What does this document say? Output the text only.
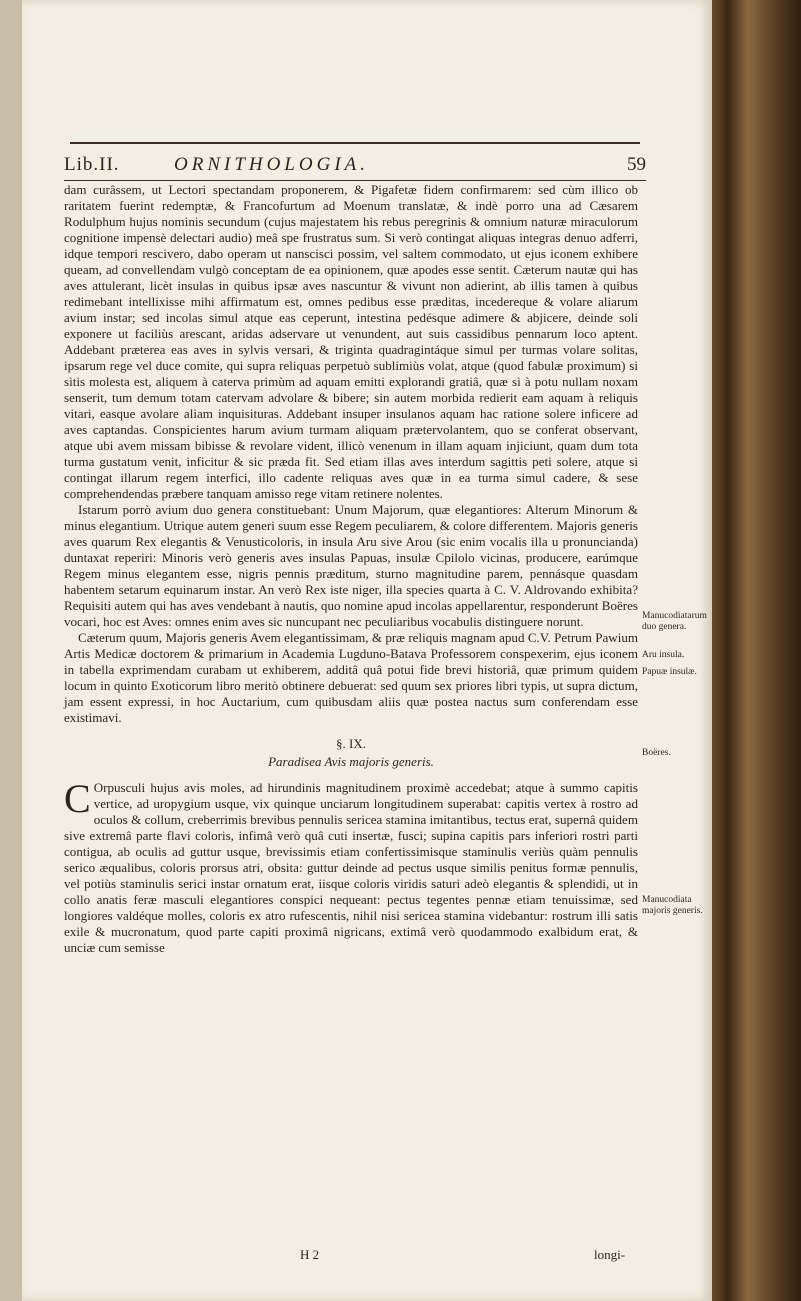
Lib.II.	ORNITHOLOGIA.	59

dam curâssem, ut Lectori spectandam proponerem, & Pigafetæ fidem confirmarem: sed cùm illico ob raritatem fuerint redemptæ, & Francofurtum ad Moenum translatæ, & indè porro una ad Cæsarem Rodulphum hujus nominis secundum (cujus majestatem his rebus peregrinis & omnium naturæ miraculorum cognitione impensè delectari audio) meâ spe frustratus sum. Si verò contingat aliquas integras denuo adferri, idque tempori rescivero, dabo operam ut nanscisci possim, vel saltem commodato, ut ejus iconem exhibere queam, ad convellendam vulgò conceptam de ea opinionem, quæ apodes esse sentit. Cæterum nautæ qui has aves attulerant, licèt insulas in quibus ipsæ aves nascuntur & vivunt non adierint, ab illis tamen à quibus redimebant intellixisse mihi affirmatum est, omnes pedibus esse præditas, incedereque & volare aliarum avium instar; sed incolas simul atque eas ceperunt, intestina pedésque adimere & abjicere, deinde soli exponere ut faciliùs arescant, aridas adservare ut venundent, aut suis cassidibus pennarum loco aptent. Addebant præterea eas aves in sylvis versari, & triginta quadragintáque simul per turmas volare solitas, ipsarum rege vel duce comite, qui supra reliquas perpetuò sublimiùs volat, atque (quod fabulæ proximum) si sitis molesta est, aliquem à caterva primùm ad aquam emitti explorandi gratiâ, quæ si à potu nullam noxam senserit, tum demum totam catervam advolare & bibere; sin autem morbida redierit eam aquam à reliquis vitari, easque avolare aliam inquisituras. Addebant insuper insulanos aquam hac ratione solere inficere ad aves captandas. Conspicientes harum avium turmam aliquam prætervolantem, quo se conferat observant, atque ubi avem missam bibisse & revolare vident, illicò venenum in illam aquam injiciunt, quam dum tota turma gustatum venit, inficitur & sic præda fit. Sed etiam illas aves interdum sagittis peti solere, atque si contingat illarum regem interfici, illo cadente reliquas aves quæ in ea turma simul cadere, & sese comprehendendas præbere tanquam amisso rege vitam retinere nolentes.

Istarum porrò avium duo genera constituebant: Unum Majorum, quæ elegantiores: Alterum Minorum & minus elegantium. Utrique autem generi suum esse Regem peculiarem, & colore differentem. Majoris generis aves quarum Rex elegantis & Venusticoloris, in insula Aru sive Arou (sic enim vocalis illa u pronuncianda) duntaxat reperiri: Minoris verò generis aves insulas Papuas, insulæ Cpilolo vicinas, producere, earúmque Regem minus elegantem esse, nigris pennis præditum, sturno magnitudine parem, pennásque quasdam habentem setarum equinarum instar. An verò Rex iste niger, illa species quarta à C. V. Aldrovando exhibita? Requisiti autem qui has aves vendebant à nautis, quo nomine apud incolas appellarentur, responderunt Boëres vocari, hoc est Aves: omnes enim aves sic nuncupant nec peculiaribus vocabulis distinguere norunt.

Cæterum quum, Majoris generis Avem elegantissimam, & præ reliquis magnam apud C.V. Petrum Pawium Artis Medicæ doctorem & primarium in Academia Lugduno-Batava Professorem conspexerim, ejus iconem in tabella exprimendam curabam ut exhiberem, additâ quâ potui fide brevi historiâ, quæ primum quidem locum in quinto Exoticorum libro meritò obtinere debuerat: sed quum sex priores libri typis, ut supra dictum, jam essent expressi, in hoc Auctarium, cum quibusdam aliis quæ postea nactus sum conferendam esse existimavi.

§. IX.
Paradisea Avis majoris generis.

C Orpusculi hujus avis moles, ad hirundinis magnitudinem proximè accedebat; atque à summo capitis vertice, ad uropygium usque, vix quinque unciarum longitudinem superabat: capitis vertex à rostro ad oculos & collum, creberrimis brevibus pennulis sericea stamina imitantibus, tectus erat, supernâ quidem sive extremâ parte flavi coloris, infimâ verò quâ cuti insertæ, fusci; supina capitis pars inferiori rostri parti contigua, ab oculis ad guttur usque, brevissimis etiam confertissimisque staminulis veriùs quàm pennulis serico æqualibus, coloris prorsus atri, obsita: guttur deinde ad pectus usque similis penitus formæ pennulis, vel potiùs staminulis serici instar ornatum erat, iisque coloris viridis saturi adeò elegantis & splendidi, ut in collo anatis feræ masculi elegantiores conspici nequeant: pectus tegentes pennæ etiam tenuissimæ, sed longiores valdéque molles, coloris ex atro rufescentis, nihil nisi sericea stamina videbantur: rostrum illi satis exile & mucronatum, quod parte capiti proximâ nigricans, extimâ verò quodammodo exalbidum erat, & unciæ cum semisse

Manucodiatarum duo genera.
Aru insula.
Papuæ insulæ.
Boëres.
Manucodiata majoris generis.
H 2	longi-
